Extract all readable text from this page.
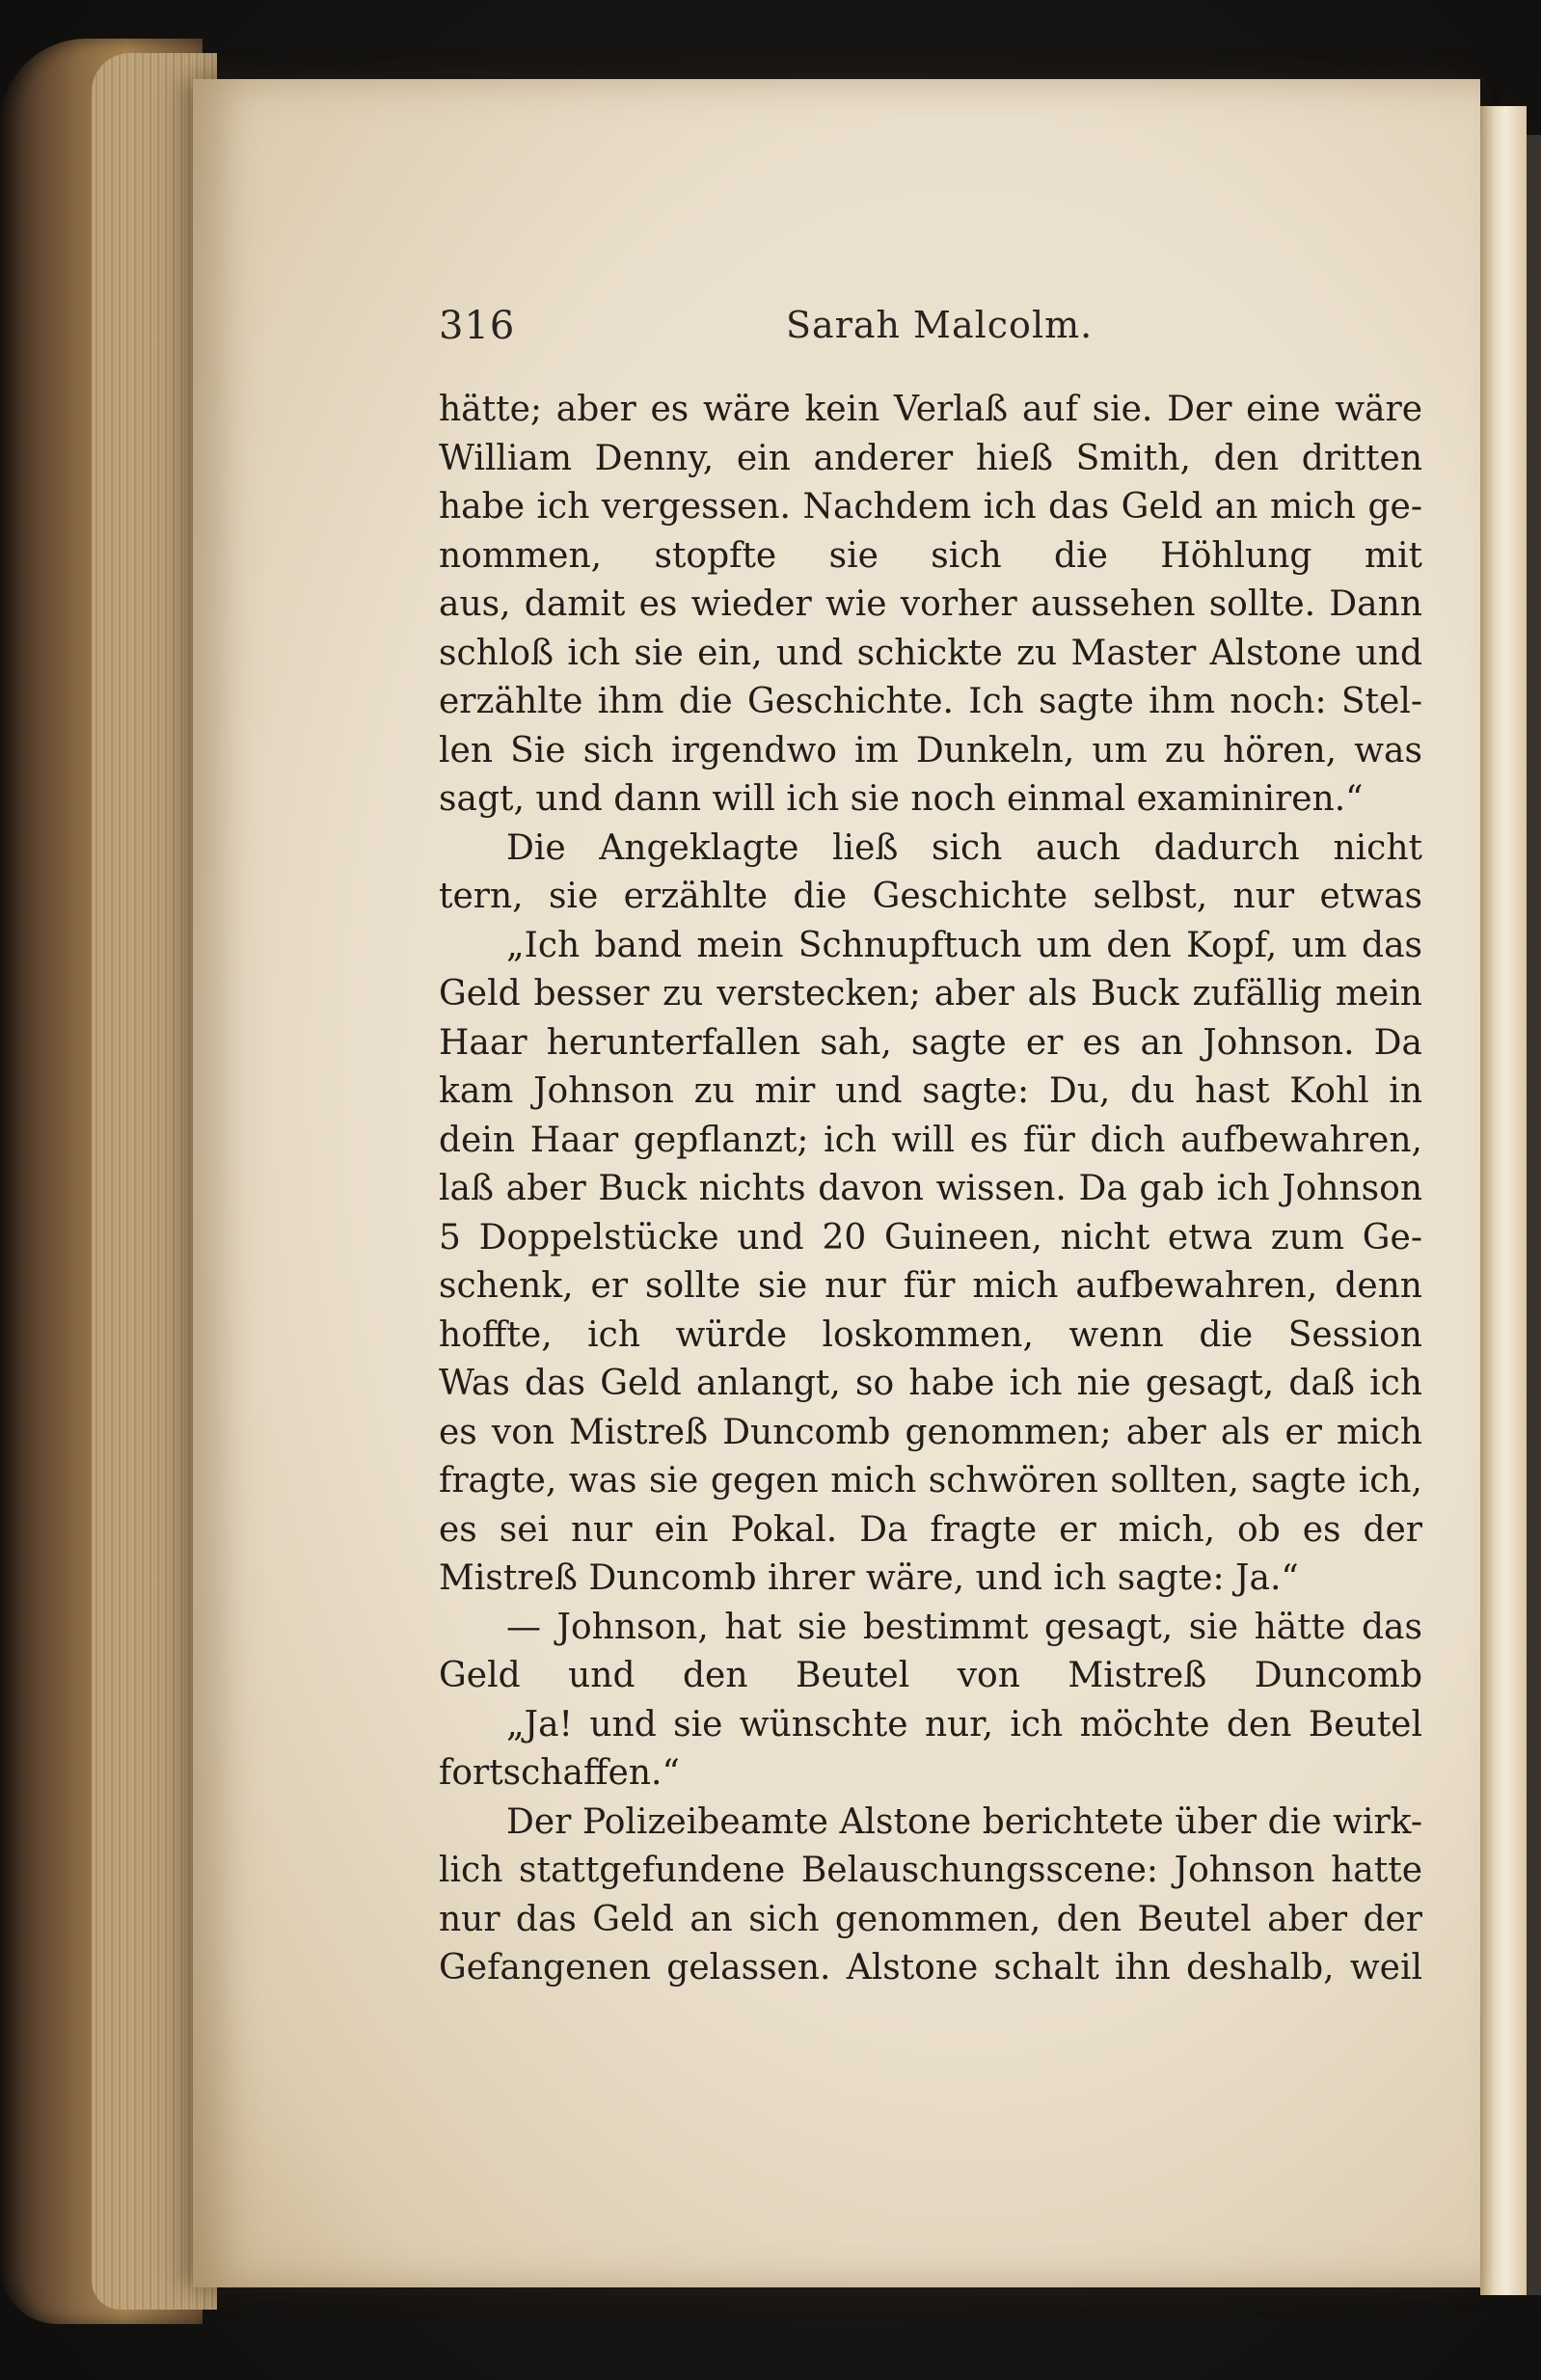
316	Sarah Malcolm.
hätte; aber es wäre kein Verlaß auf sie. Der eine wäre
William Denny, ein anderer hieß Smith, den dritten
habe ich vergessen. Nachdem ich das Geld an mich ge-
nommen, stopfte sie sich die Höhlung mit
aus, damit es wieder wie vorher aussehen sollte. Dann
schloß ich sie ein, und schickte zu Master Alstone und
erzählte ihm die Geschichte. Ich sagte ihm noch: Stel-
len Sie sich irgendwo im Dunkeln, um zu hören, was
sagt, und dann will ich sie noch einmal examiniren.“
Die Angeklagte ließ sich auch dadurch nicht
tern, sie erzählte die Geschichte selbst, nur etwas
„Ich band mein Schnupftuch um den Kopf, um das
Geld besser zu verstecken; aber als Buck zufällig mein
Haar herunterfallen sah, sagte er es an Johnson. Da
kam Johnson zu mir und sagte: Du, du hast Kohl in
dein Haar gepflanzt; ich will es für dich aufbewahren,
laß aber Buck nichts davon wissen. Da gab ich Johnson
5 Doppelstücke und 20 Guineen, nicht etwa zum Ge-
schenk, er sollte sie nur für mich aufbewahren, denn
hoffte, ich würde loskommen, wenn die Session
Was das Geld anlangt, so habe ich nie gesagt, daß ich
es von Mistreß Duncomb genommen; aber als er mich
fragte, was sie gegen mich schwören sollten, sagte ich,
es sei nur ein Pokal. Da fragte er mich, ob es der
Mistreß Duncomb ihrer wäre, und ich sagte: Ja.“
— Johnson, hat sie bestimmt gesagt, sie hätte das
Geld und den Beutel von Mistreß Duncomb
„Ja! und sie wünschte nur, ich möchte den Beutel
fortschaffen.“
Der Polizeibeamte Alstone berichtete über die wirk-
lich stattgefundene Belauschungsscene: Johnson hatte
nur das Geld an sich genommen, den Beutel aber der
Gefangenen gelassen. Alstone schalt ihn deshalb, weil
